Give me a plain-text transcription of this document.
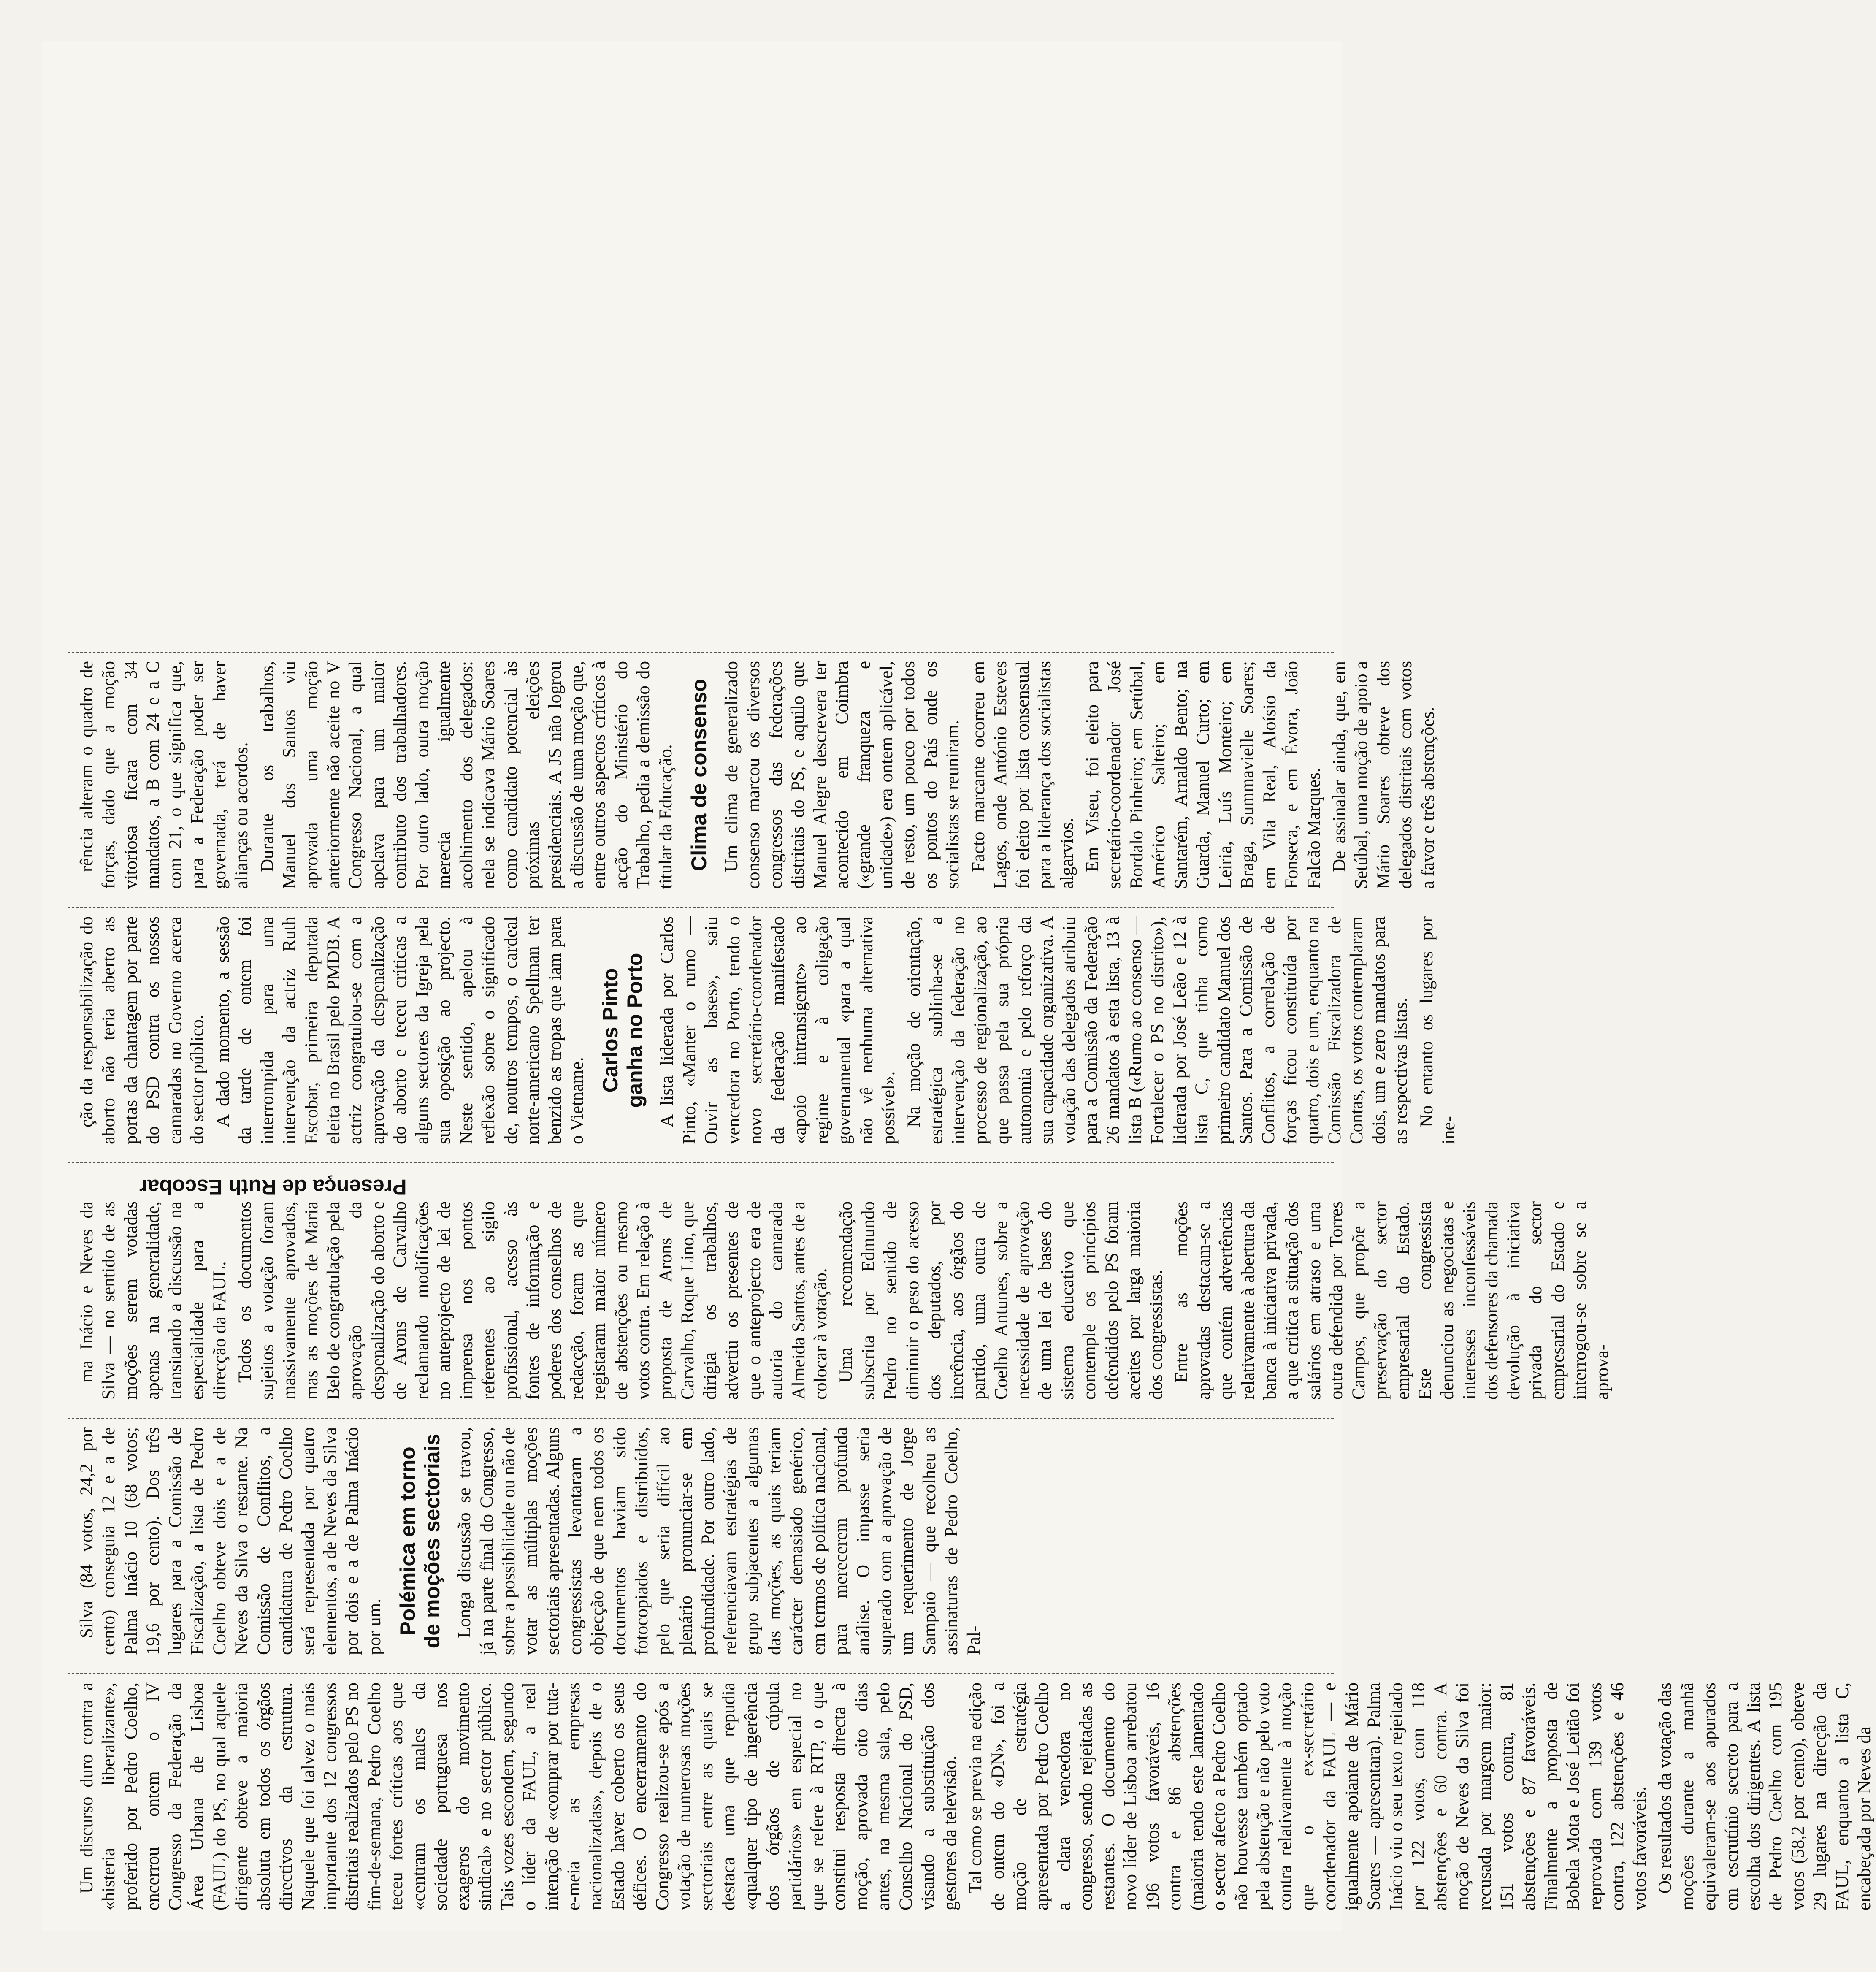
Um discurso duro contra a «histeria liberalizante», proferido por Pedro Coelho, encerrou ontem o IV Congresso da Federação da Área Urbana de Lisboa (FAUL) do PS, no qual aquele dirigente obteve a maioria absoluta em todos os órgãos directivos da estrutura. Naquele que foi talvez o mais importante dos 12 congressos distritais realizados pelo PS no fim-de-semana, Pedro Coelho teceu fortes críticas aos que «centram os males da sociedade portuguesa nos exageros do movimento sindical» e no sector público. Tais vozes escondem, segundo o líder da FAUL, a real intenção de «comprar por tuta-e-meia as empresas nacionalizadas», depois de o Estado haver coberto os seus défices. O encerramento do Congresso realizou-se após a votação de numerosas moções sectoriais entre as quais se destaca uma que repudia «qualquer tipo de ingerência dos órgãos de cúpula partidários» em especial no que se refere à RTP, o que constitui resposta directa à moção, aprovada oito dias antes, na mesma sala, pelo Conselho Nacional do PSD, visando a substituição dos gestores da televisão. Tal como se previa na edição de ontem do «DN», foi a moção de estratégia apresentada por Pedro Coelho a clara vencedora no congresso, sendo rejeitadas as restantes. O documento do novo líder de Lisboa arrebatou 196 votos favoráveis, 16 contra e 86 abstenções (maioria tendo este lamentado o sector afecto a Pedro Coelho não houvesse também optado pela abstenção e não pelo voto contra relativamente à moção que o ex-secretário coordenador da FAUL — e igualmente apoiante de Mário Soares — apresentara). Palma Inácio viu o seu texto rejeitado por 122 votos, com 118 abstenções e 60 contra. A moção de Neves da Silva foi recusada por margem maior: 151 votos contra, 81 abstenções e 87 favoráveis. Finalmente a proposta de Bobela Mota e José Leitão foi reprovada com 139 votos contra, 122 abstenções e 46 votos favoráveis. Os resultados da votação das moções durante a manhã equivaleram-se aos apurados em escrutínio secreto para a escolha dos dirigentes. A lista de Pedro Coelho com 195 votos (58,2 por cento), obteve 29 lugares na direcção da FAUL, enquanto a lista C, encabeçada por Neves da

Silva (84 votos, 24,2 por cento) conseguia 12 e a de Palma Inácio 10 (68 votos; 19,6 por cento). Dos três lugares para a Comissão de Fiscalização, a lista de Pedro Coelho obteve dois e a de Neves da Silva o restante. Na Comissão de Conflitos, a candidatura de Pedro Coelho será representada por quatro elementos, a de Neves da Silva por dois e a de Palma Inácio por um. Polémica em torno de moções sectoriais Longa discussão se travou, já na parte final do Congresso, sobre a possibilidade ou não de votar as múltiplas moções sectoriais apresentadas. Alguns congressistas levantaram a objecção de que nem todos os documentos haviam sido fotocopiados e distribuídos, pelo que seria difícil ao plenário pronunciar-se em profundidade. Por outro lado, referenciavam estratégias de grupo subjacentes a algumas das moções, as quais teriam carácter demasiado genérico, em termos de política nacional, para merecerem profunda análise. O impasse seria superado com a aprovação de um requerimento de Jorge Sampaio — que recolheu as assinaturas de Pedro Coelho, Pal-

ma Inácio e Neves da Silva — no sentido de as moções serem votadas apenas na generalidade, transitando a discussão na especialidade para a direcção da FAUL. Todos os documentos sujeitos a votação foram massivamente aprovados, mas as moções de Maria Belo de congratulação pela aprovação da despenalização do aborto e de Arons de Carvalho reclamando modificações no anteprojecto de lei de imprensa nos pontos referentes ao sigilo profissional, acesso às fontes de informação e poderes dos conselhos de redacção, foram as que registaram maior número de abstenções ou mesmo votos contra. Em relação à proposta de Arons de Carvalho, Roque Lino, que dirigia os trabalhos, advertiu os presentes de que o anteprojecto era de autoria do camarada Almeida Santos, antes de a colocar à votação. Uma recomendação subscrita por Edmundo Pedro no sentido de diminuir o peso do acesso dos deputados, por inerência, aos órgãos do partido, uma outra de Coelho Antunes, sobre a necessidade de aprovação de uma lei de bases do sistema educativo que contemple os princípios defendidos pelo PS foram aceites por larga maioria dos congressistas. Entre as moções aprovadas destacam-se a que contém advertências relativamente à abertura da banca à iniciativa privada, a que critica a situação dos salários em atraso e uma outra defendida por Torres Campos, que propõe a preservação do sector empresarial do Estado. Este congressista denunciou as negociatas e interesses inconfessáveis dos defensores da chamada devolução à iniciativa privada do sector empresarial do Estado e interrogou-se sobre se a aprova-

Presença de Ruth Escobar

ção da responsabilização do aborto não teria aberto as portas da chantagem por parte do PSD contra os nossos camaradas no Governo acerca do sector público. A dado momento, a sessão da tarde de ontem foi interrompida para uma intervenção da actriz Ruth Escobar, primeira deputada eleita no Brasil pelo PMDB. A actriz congratulou-se com a aprovação da despenalização do aborto e teceu críticas a alguns sectores da Igreja pela sua oposição ao projecto. Neste sentido, apelou à reflexão sobre o significado de, noutros tempos, o cardeal norte-americano Spellman ter benzido as tropas que iam para o Vietname.

Carlos Pinto ganha no Porto A lista liderada por Carlos Pinto, «Manter o rumo — Ouvir as bases», saiu vencedora no Porto, tendo o novo secretário-coordenador da federação manifestado «apoio intransigente» ao regime e à coligação governamental «para a qual não vê nenhuma alternativa possível». Na moção de orientação, estratégica sublinha-se a intervenção da federação no processo de regionalização, ao que passa pela sua própria autonomia e pelo reforço da sua capacidade organizativa. A votação das delegados atribuiu para a Comissão da Federação 26 mandatos à esta lista, 13 à lista B («Rumo ao consenso — Fortalecer o PS no distrito»), liderada por José Leão e 12 à lista C, que tinha como primeiro candidato Manuel dos Santos. Para a Comissão de Conflitos, a correlação de forças ficou constituída por quatro, dois e um, enquanto na Comissão Fiscalizadora de Contas, os votos contemplaram dois, um e zero mandatos para as respectivas listas. No entanto os lugares por ine-

rência alteram o quadro de forças, dado que a moção vitoriosa ficara com 34 mandatos, a B com 24 e a C com 21, o que significa que, para a Federação poder ser governada, terá de haver alianças ou acordos. Durante os trabalhos, Manuel dos Santos viu aprovada uma moção anteriormente não aceite no V Congresso Nacional, a qual apelava para um maior contributo dos trabalhadores. Por outro lado, outra moção merecia igualmente acolhimento dos delegados: nela se indicava Mário Soares como candidato potencial às próximas eleições presidenciais. A JS não logrou a discussão de uma moção que, entre outros aspectos críticos à acção do Ministério do Trabalho, pedia a demissão do titular da Educação. Clima de consenso Um clima de generalizado consenso marcou os diversos congressos das federações distritais do PS, e aquilo que Manuel Alegre descrevera ter acontecido em Coimbra («grande franqueza e unidade») era ontem aplicável, de resto, um pouco por todos os pontos do País onde os socialistas se reuniram. Facto marcante ocorreu em Lagos, onde António Esteves foi eleito por lista consensual para a liderança dos socialistas algarvios. Em Viseu, foi eleito para secretário-coordenador José Bordalo Pinheiro; em Setúbal, Américo Salteiro; em Santarém, Arnaldo Bento; na Guarda, Manuel Curto; em Leiria, Luís Monteiro; em Braga, Summavielle Soares; em Vila Real, Aloísio da Fonseca, e em Évora, João Falcão Marques. De assinalar ainda, que, em Setúbal, uma moção de apoio a Mário Soares obteve dos delegados distritais com votos a favor e três abstenções.
